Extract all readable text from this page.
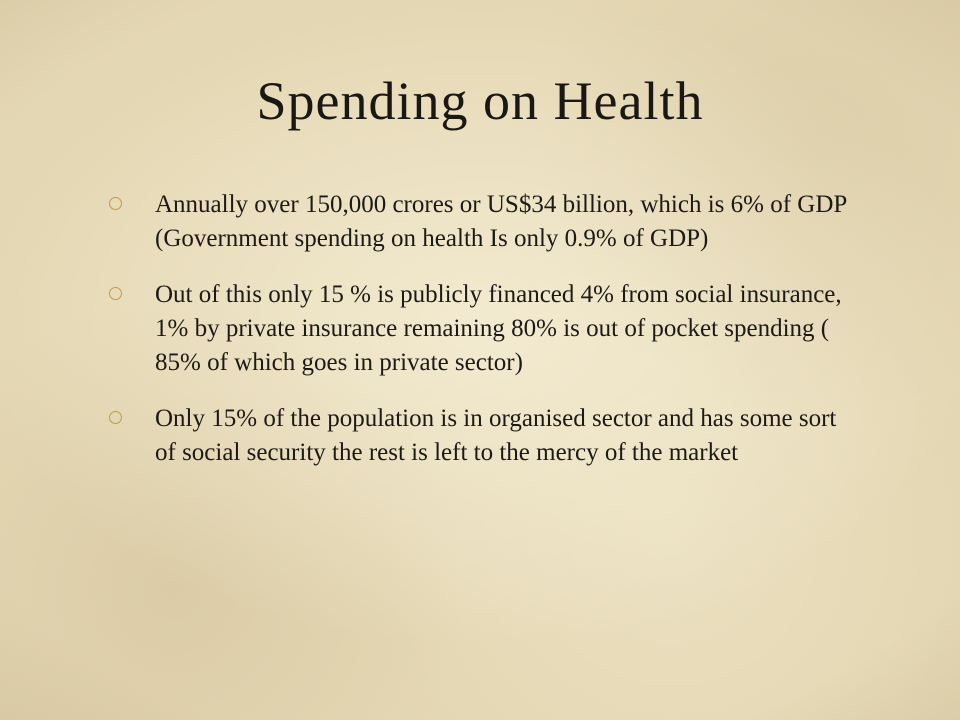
Spending on Health
Annually over 150,000 crores or US$34 billion, which is 6% of GDP (Government spending on health Is only 0.9% of GDP)
Out of this only 15 % is publicly financed 4% from social insurance, 1% by private insurance remaining 80% is out of pocket spending ( 85% of which goes in private sector)
Only 15% of the population is in organised sector and has some sort of social security the rest is left to the mercy of the market
